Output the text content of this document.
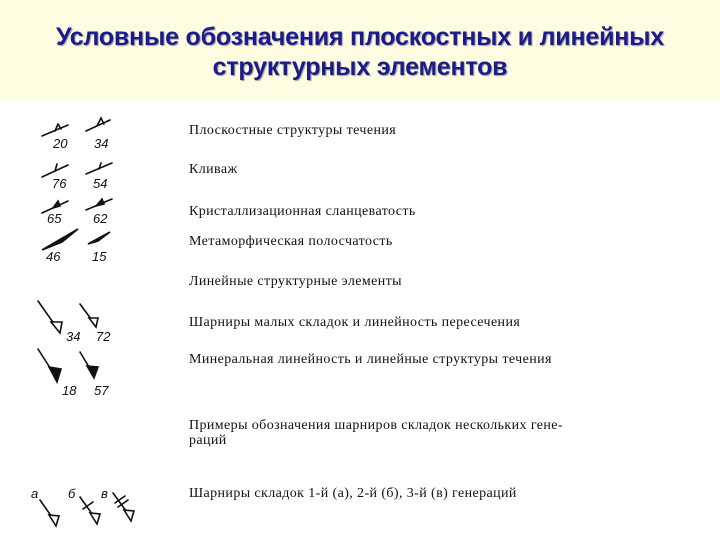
Условные обозначения плоскостных и линейных
структурных элементов
Плоскостные структуры течения
Кливаж
Кристаллизационная сланцеватость
Метаморфическая полосчатость
Линейные структурные элементы
Шарниры малых складок и линейность пересечения
Минеральная линейность и линейные структуры течения
Примеры обозначения шарниров складок нескольких гене-
раций
Шарниры складок 1-й (а), 2-й (б), 3-й (в) генераций
20 34
76 54
65 62
46 15
34 72
18 57
а б в
